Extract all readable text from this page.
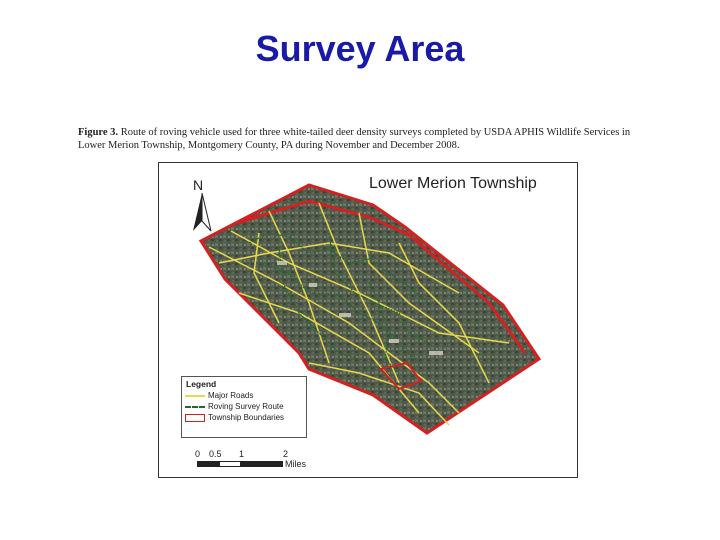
Survey Area
Figure 3. Route of roving vehicle used for three white-tailed deer density surveys completed by USDA APHIS Wildlife Services in Lower Merion Township, Montgomery County, PA during November and December 2008.
Lower Merion Township
N
Legend
Major Roads
Roving Survey Route
Township Boundaries
0 0.5 1	2
Miles
